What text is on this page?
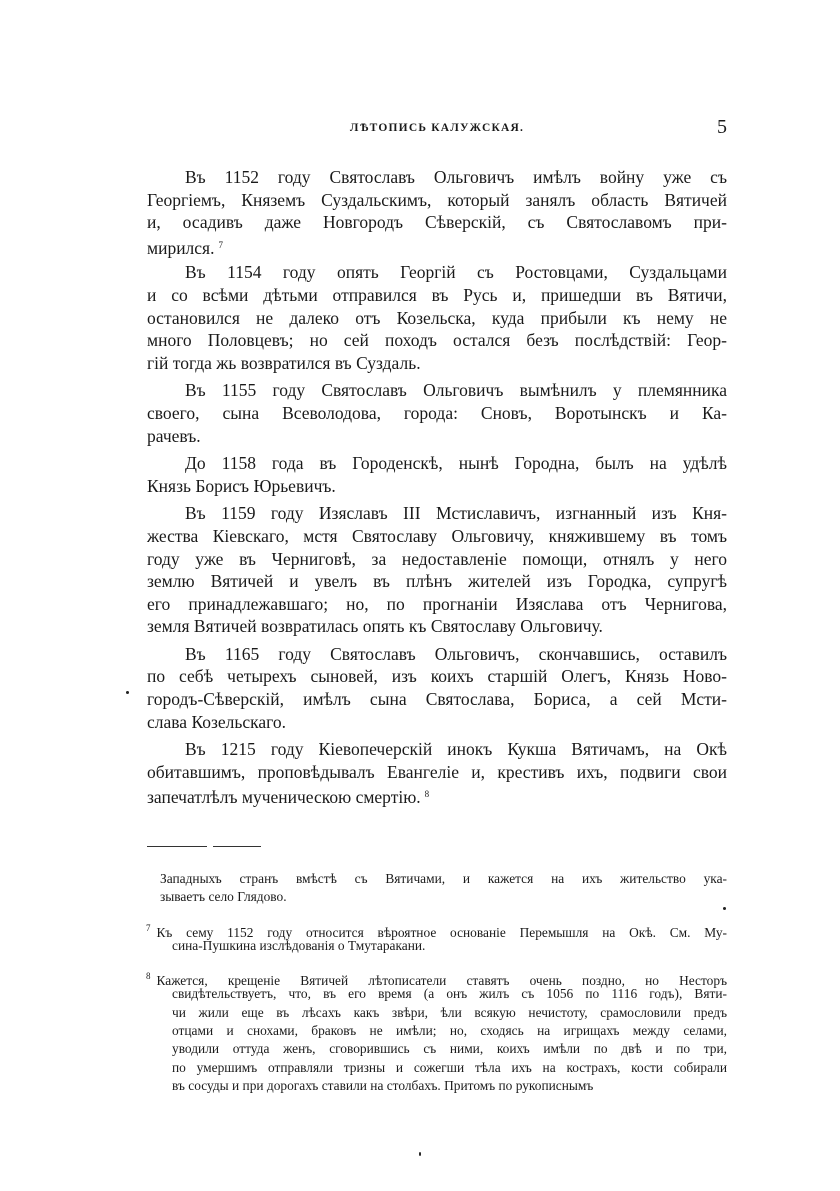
ЛѢТОПИСЬ КАЛУЖСКАЯ.	5
Въ 1152 году Святославъ Ольговичъ имѣлъ войну уже съ
Георгіемъ, Княземъ Суздальскимъ, который занялъ область Вятичей
и, осадивъ даже Новгородъ Сѣверскій, съ Святославомъ при-
мирился. $^7$
Въ 1154 году опять Георгій съ Ростовцами, Суздальцами
и со всѣми дѣтьми отправился въ Русь и, пришедши въ Вятичи,
остановился не далеко отъ Козельска, куда прибыли къ нему не
много Половцевъ; но сей походъ остался безъ послѣдствій: Геор-
гій тогда жь возвратился въ Суздаль.
Въ 1155 году Святославъ Ольговичъ вымѣнилъ у племянника
своего, сына Всеволодова, города: Сновъ, Воротынскъ и Ка-
рачевъ.
До 1158 года въ Городенскѣ, нынѣ Городна, былъ на удѣлѣ
Князь Борисъ Юрьевичъ.
Въ 1159 году Изяславъ III Мстиславичъ, изгнанный изъ Кня-
жества Кіевскаго, мстя Святославу Ольговичу, княжившему въ томъ
году уже въ Черниговѣ, за недоставленіе помощи, отнялъ у него
землю Вятичей и увелъ въ плѣнъ жителей изъ Городка, супругѣ
его принадлежавшаго; но, по прогнаніи Изяслава отъ Чернигова,
земля Вятичей возвратилась опять къ Святославу Ольговичу.
Въ 1165 году Святославъ Ольговичъ, скончавшись, оставилъ
по себѣ четырехъ сыновей, изъ коихъ старшій Олегъ, Князь Ново-
городъ-Сѣверскій, имѣлъ сына Святослава, Бориса, а сей Мсти-
слава Козельскаго.
Въ 1215 году Кіевопечерскій инокъ Кукша Вятичамъ, на Окѣ
обитавшимъ, проповѣдывалъ Евангеліе и, крестивъ ихъ, подвиги свои
запечатлѣлъ мученическою смертію. $^8$
Западныхъ странъ вмѣстѣ съ Вятичами, и кажется на ихъ жительство ука-
зываетъ село Глядово.
$^7$ Къ сему 1152 году относится вѣроятное основаніе Перемышля на Окѣ. См. Му-
сина-Пушкина изслѣдованія о Тмутаракани.
$^8$ Кажется, крещеніе Вятичей лѣтописатели ставятъ очень поздно, но Несторъ
свидѣтельствуетъ, что, въ его время (а онъ жилъ съ 1056 по 1116 годъ), Вяти-
чи жили еще въ лѣсахъ какъ звѣри, ѣли всякую нечистоту, срамословили предъ
отцами и снохами, браковъ не имѣли; но, сходясь на игрищахъ между селами,
уводили оттуда женъ, сговорившись съ ними, коихъ имѣли по двѣ и по три,
по умершимъ отправляли тризны и сожегши тѣла ихъ на кострахъ, кости собирали
въ сосуды и при дорогахъ ставили на столбахъ. Притомъ по рукописнымъ
